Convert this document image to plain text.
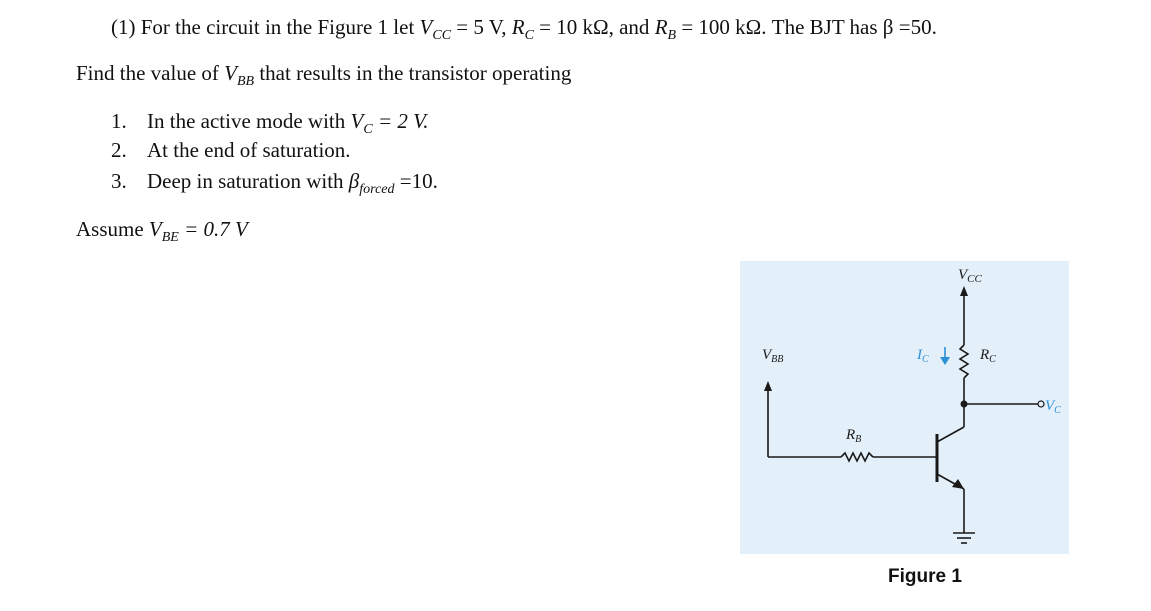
(1) For the circuit in the Figure 1 let $V_{CC} = 5$ V, $R_C = 10$ kΩ, and $R_B = 100$ kΩ. The BJT has β =50.
Find the value of $V_{BB}$ that results in the transistor operating
1. In the active mode with $V_C = 2$ V.
2. At the end of saturation.
3. Deep in saturation with $\beta_{forced} =10$.
Assume $V_{BE} = 0.7$ V
$V_{CC}$
$V_{BB}$	$I_C$	$R_C$
$R_B$
$V_C$
Figure 1
